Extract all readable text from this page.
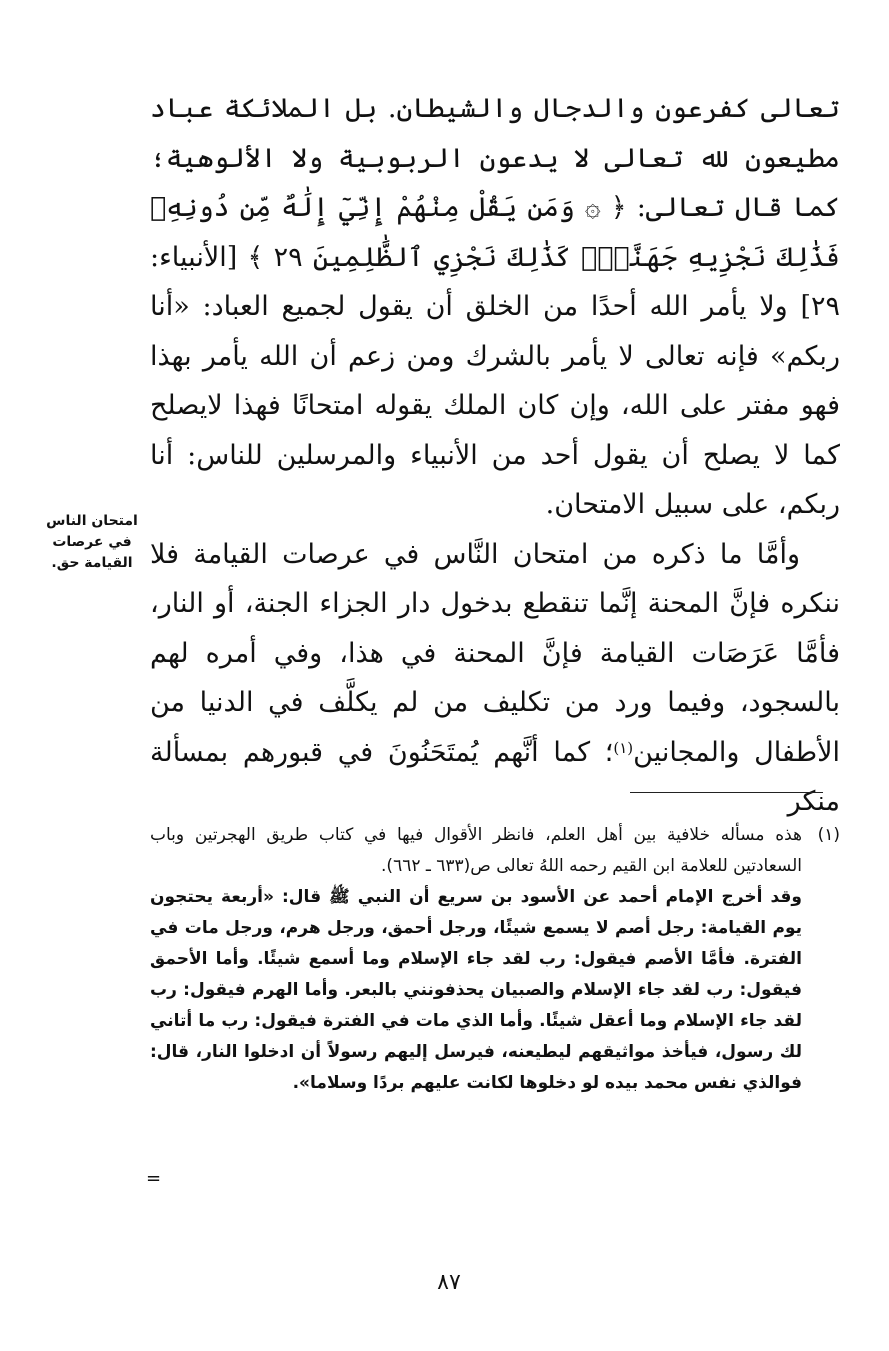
تعالى كفرعون والدجال والشيطان. بل الملائكة عباد مطيعون لله تعالى لا يدعون الربوبية ولا الألوهية؛ كما قال تعالى: ﴿ ۞ وَمَن يَقُلْ مِنْهُمْ إِنِّيٓ إِلَٰهٌ مِّن دُونِهِۦ فَذَٰلِكَ نَجْزِيهِ جَهَنَّمَۚ كَذَٰلِكَ نَجْزِي ٱلظَّٰلِمِينَ ٢٩ ﴾ [الأنبياء: ٢٩] ولا يأمر الله أحدًا من الخلق أن يقول لجميع العباد: «أنا ربكم» فإنه تعالى لا يأمر بالشرك ومن زعم أن الله يأمر بهذا فهو مفتر على الله، وإن كان الملك يقوله امتحانًا فهذا لايصلح كما لا يصلح أن يقول أحد من الأنبياء والمرسلين للناس: أنا ربكم، على سبيل الامتحان.

وأمَّا ما ذكره من امتحان النَّاس في عرصات القيامة فلا ننكره فإنَّ المحنة إنَّما تنقطع بدخول دار الجزاء الجنة، أو النار، فأمَّا عَرَصَات القيامة فإنَّ المحنة في هذا، وفي أمره لهم بالسجود، وفيما ورد من تكليف من لم يكلَّف في الدنيا من الأطفال والمجانين$^{(١)}$؛ كما أنَّهم يُمتَحَنُونَ في قبورهم بمسألة منكر

امتحان الناس في عرصات القيامة حق.
(١)

هذه مسأله خلافية بين أهل العلم، فانظر الأقوال فيها في كتاب طريق الهجرتين وباب السعادتين للعلامة ابن القيم رحمه اللهُ تعالى ص(٦٣٣ ـ ٦٦٢).

وقد أخرج الإمام أحمد عن الأسود بن سريع أن النبي ﷺ قال: «أربعة يحتجون يوم القيامة: رجل أصم لا يسمع شيئًا، ورجل أحمق، ورجل هرم، ورجل مات في الفترة. فأمَّا الأصم فيقول: رب لقد جاء الإسلام وما أسمع شيئًا. وأما الأحمق فيقول: رب لقد جاء الإسلام والصبيان يحذفونني بالبعر. وأما الهرم فيقول: رب لقد جاء الإسلام وما أعقل شيئًا. وأما الذي مات في الفترة فيقول: رب ما أتاني لك رسول، فيأخذ مواثيقهم ليطيعنه، فيرسل إليهم رسولاً أن ادخلوا النار، قال: فوالذي نفس محمد بيده لو دخلوها لكانت عليهم بردًا وسلاما».

=
٨٧
